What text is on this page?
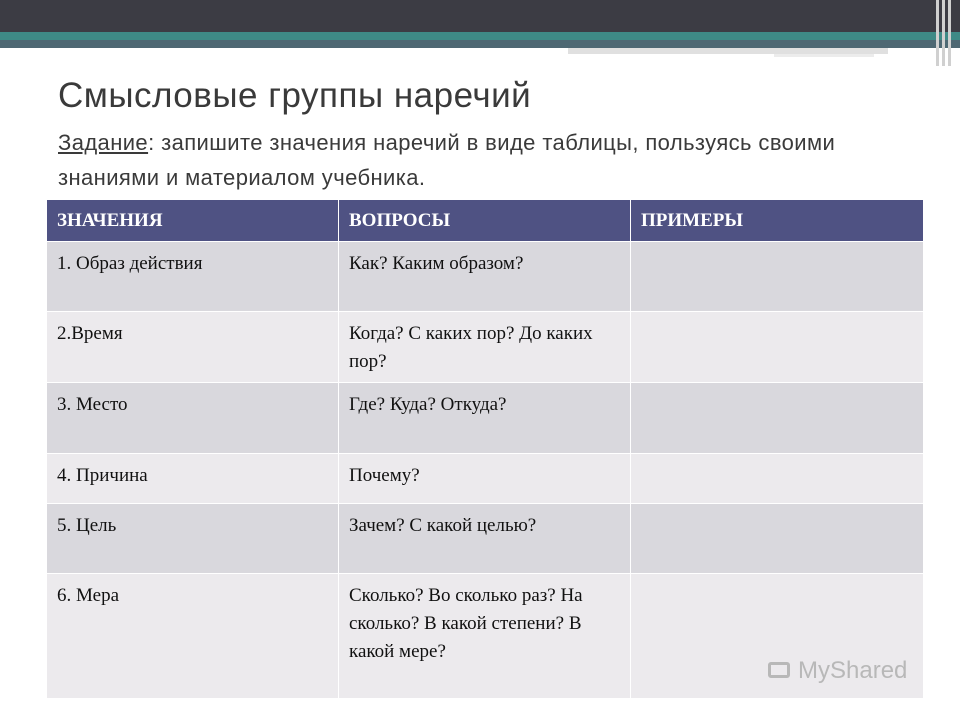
Смысловые группы наречий
Задание: запишите значения наречий в виде таблицы, пользуясь своими знаниями и материалом учебника.
ЗНАЧЕНИЯ	ВОПРОСЫ	ПРИМЕРЫ
1. Образ действия	Как? Каким образом?	
2.Время	Когда? С каких пор? До каких пор?	
3. Место	Где? Куда? Откуда?	
4. Причина	Почему?	
5. Цель	Зачем? С какой целью?	
6. Мера	Сколько? Во сколько раз? На сколько? В какой степени? В какой мере?	
MyShared
